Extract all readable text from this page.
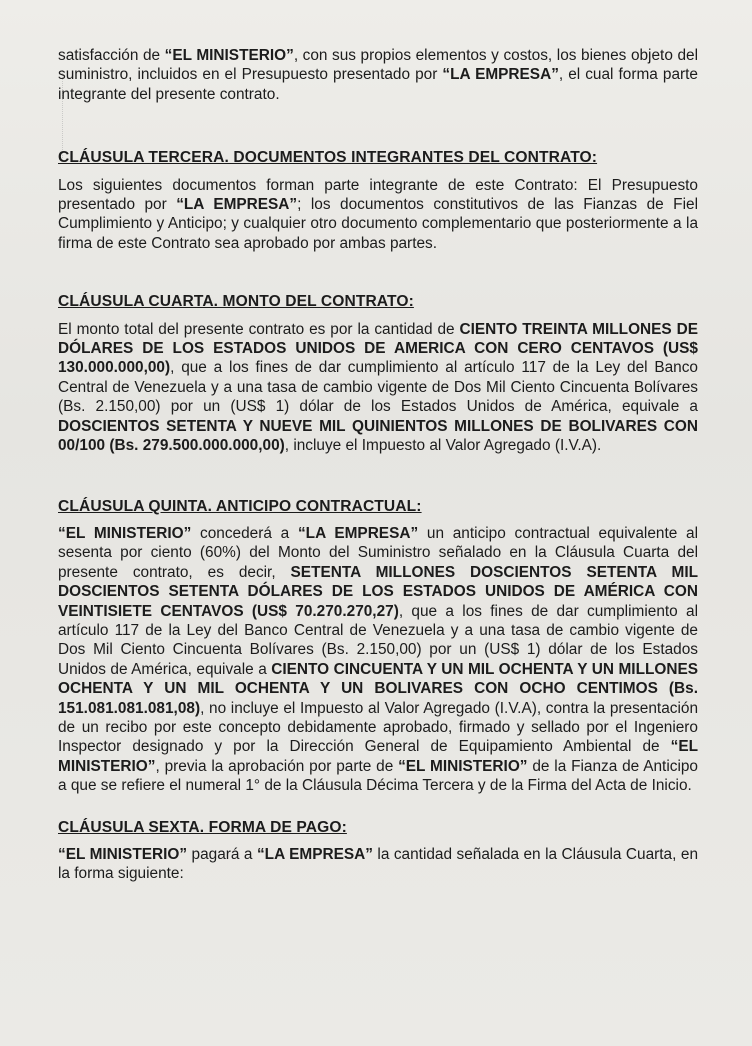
satisfacción de “EL MINISTERIO”, con sus propios elementos y costos, los bienes objeto del suministro, incluidos en el Presupuesto presentado por “LA EMPRESA”, el cual forma parte integrante del presente contrato.

CLÁUSULA TERCERA. DOCUMENTOS INTEGRANTES DEL CONTRATO:

Los siguientes documentos forman parte integrante de este Contrato: El Presupuesto presentado por “LA EMPRESA”; los documentos constitutivos de las Fianzas de Fiel Cumplimiento y Anticipo; y cualquier otro documento complementario que posteriormente a la firma de este Contrato sea aprobado por ambas partes.

CLÁUSULA CUARTA. MONTO DEL CONTRATO:

El monto total del presente contrato es por la cantidad de CIENTO TREINTA MILLONES DE DÓLARES DE LOS ESTADOS UNIDOS DE AMERICA CON CERO CENTAVOS (US$ 130.000.000,00), que a los fines de dar cumplimiento al artículo 117 de la Ley del Banco Central de Venezuela y a una tasa de cambio vigente de Dos Mil Ciento Cincuenta Bolívares (Bs. 2.150,00) por un (US$ 1) dólar de los Estados Unidos de América, equivale a DOSCIENTOS SETENTA Y NUEVE MIL QUINIENTOS MILLONES DE BOLIVARES CON 00/100 (Bs. 279.500.000.000,00), incluye el Impuesto al Valor Agregado (I.V.A).

CLÁUSULA QUINTA. ANTICIPO CONTRACTUAL:

“EL MINISTERIO” concederá a “LA EMPRESA” un anticipo contractual equivalente al sesenta por ciento (60%) del Monto del Suministro señalado en la Cláusula Cuarta del presente contrato, es decir, SETENTA MILLONES DOSCIENTOS SETENTA MIL DOSCIENTOS SETENTA DÓLARES DE LOS ESTADOS UNIDOS DE AMÉRICA CON VEINTISIETE CENTAVOS (US$ 70.270.270,27), que a los fines de dar cumplimiento al artículo 117 de la Ley del Banco Central de Venezuela y a una tasa de cambio vigente de Dos Mil Ciento Cincuenta Bolívares (Bs. 2.150,00) por un (US$ 1) dólar de los Estados Unidos de América, equivale a CIENTO CINCUENTA Y UN MIL OCHENTA Y UN MILLONES OCHENTA Y UN MIL OCHENTA Y UN BOLIVARES CON OCHO CENTIMOS (Bs. 151.081.081.081,08), no incluye el Impuesto al Valor Agregado (I.V.A), contra la presentación de un recibo por este concepto debidamente aprobado, firmado y sellado por el Ingeniero Inspector designado y por la Dirección General de Equipamiento Ambiental de “EL MINISTERIO”, previa la aprobación por parte de “EL MINISTERIO” de la Fianza de Anticipo a que se refiere el numeral 1° de la Cláusula Décima Tercera y de la Firma del Acta de Inicio.

CLÁUSULA SEXTA. FORMA DE PAGO:

“EL MINISTERIO” pagará a “LA EMPRESA” la cantidad señalada en la Cláusula Cuarta, en la forma siguiente:
